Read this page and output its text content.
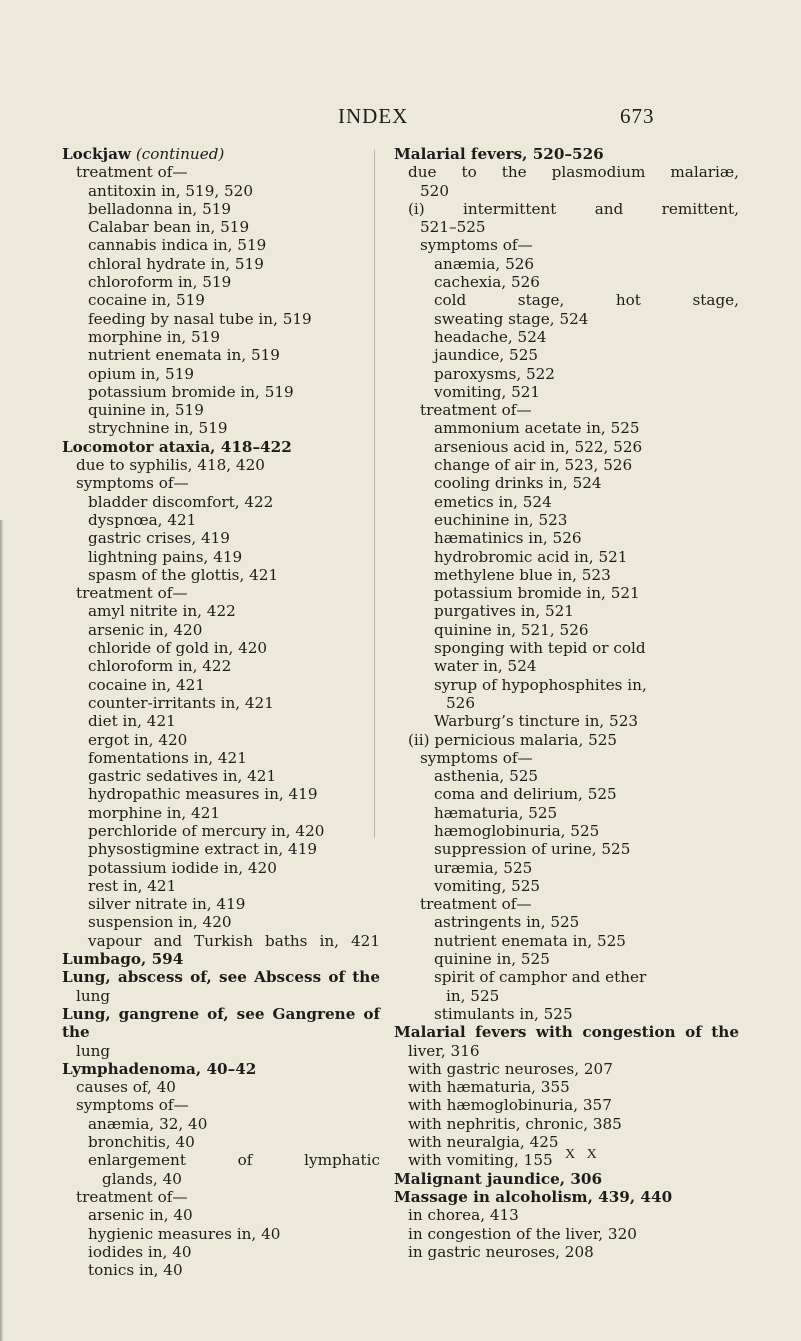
INDEX	673
Lockjaw (continued)
treatment of—
antitoxin in, 519, 520
belladonna in, 519
Calabar bean in, 519
cannabis indica in, 519
chloral hydrate in, 519
chloroform in, 519
cocaine in, 519
feeding by nasal tube in, 519
morphine in, 519
nutrient enemata in, 519
opium in, 519
potassium bromide in, 519
quinine in, 519
strychnine in, 519
Locomotor ataxia, 418–422
due to syphilis, 418, 420
symptoms of—
bladder discomfort, 422
dyspnœa, 421
gastric crises, 419
lightning pains, 419
spasm of the glottis, 421
treatment of—
amyl nitrite in, 422
arsenic in, 420
chloride of gold in, 420
chloroform in, 422
cocaine in, 421
counter-irritants in, 421
diet in, 421
ergot in, 420
fomentations in, 421
gastric sedatives in, 421
hydropathic measures in, 419
morphine in, 421
perchloride of mercury in, 420
physostigmine extract in, 419
potassium iodide in, 420
rest in, 421
silver nitrate in, 419
suspension in, 420
vapour and Turkish baths in, 421
Lumbago, 594
Lung, abscess of, see Abscess of the
lung
Lung, gangrene of, see Gangrene of the
lung
Lymphadenoma, 40–42
causes of, 40
symptoms of—
anæmia, 32, 40
bronchitis, 40
enlargement of lymphatic
glands, 40
treatment of—
arsenic in, 40
hygienic measures in, 40
iodides in, 40
tonics in, 40
Malarial fevers, 520–526
due to the plasmodium malariæ,
520
(i) intermittent and remittent,
521–525
symptoms of—
anæmia, 526
cachexia, 526
cold stage, hot stage,
sweating stage, 524
headache, 524
jaundice, 525
paroxysms, 522
vomiting, 521
treatment of—
ammonium acetate in, 525
arsenious acid in, 522, 526
change of air in, 523, 526
cooling drinks in, 524
emetics in, 524
euchinine in, 523
hæmatinics in, 526
hydrobromic acid in, 521
methylene blue in, 523
potassium bromide in, 521
purgatives in, 521
quinine in, 521, 526
sponging with tepid or cold
water in, 524
syrup of hypophosphites in,
526
Warburg’s tincture in, 523
(ii) pernicious malaria, 525
symptoms of—
asthenia, 525
coma and delirium, 525
hæmaturia, 525
hæmoglobinuria, 525
suppression of urine, 525
uræmia, 525
vomiting, 525
treatment of—
astringents in, 525
nutrient enemata in, 525
quinine in, 525
spirit of camphor and ether
in, 525
stimulants in, 525
Malarial fevers with congestion of the
liver, 316
with gastric neuroses, 207
with hæmaturia, 355
with hæmoglobinuria, 357
with nephritis, chronic, 385
with neuralgia, 425
with vomiting, 155
Malignant jaundice, 306
Massage in alcoholism, 439, 440
in chorea, 413
in congestion of the liver, 320
in gastric neuroses, 208
X X
